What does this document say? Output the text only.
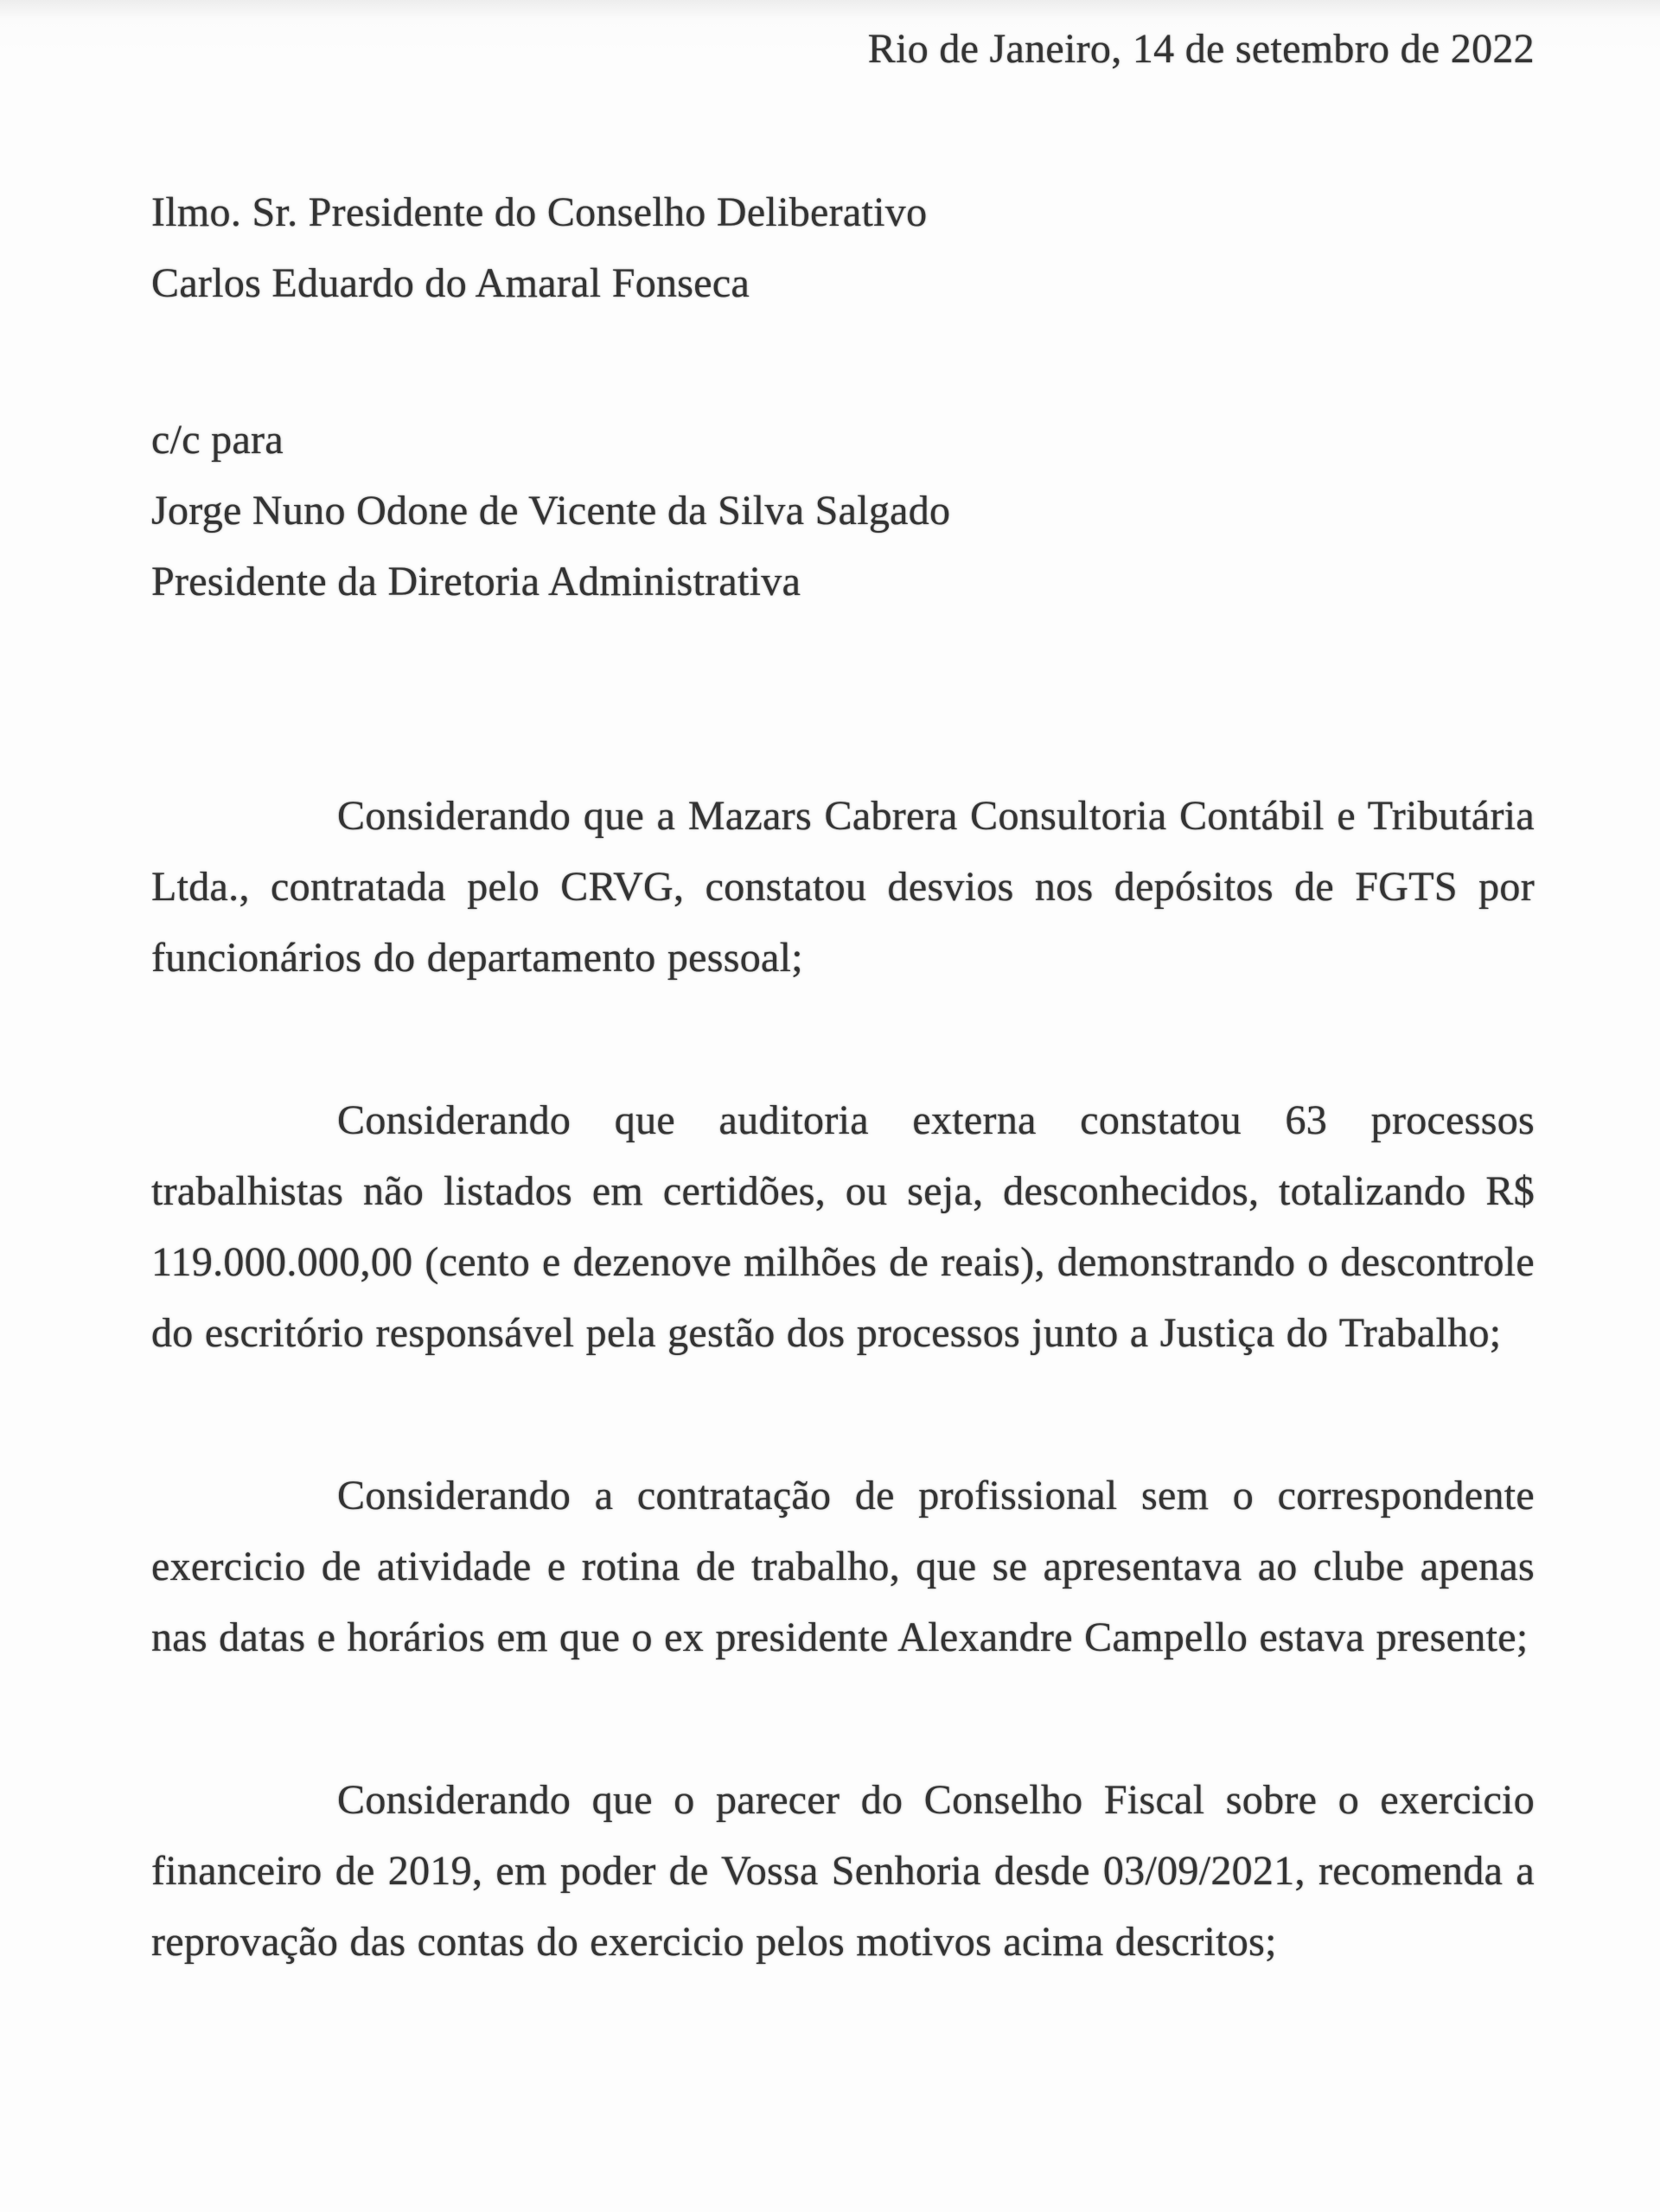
Rio de Janeiro, 14 de setembro de 2022
Ilmo. Sr. Presidente do Conselho Deliberativo
Carlos Eduardo do Amaral Fonseca
c/c para
Jorge Nuno Odone de Vicente da Silva Salgado
Presidente da Diretoria Administrativa

Considerando que a Mazars Cabrera Consultoria Contábil e Tributária Ltda., contratada pelo CRVG, constatou desvios nos depósitos de FGTS por funcionários do departamento pessoal;

Considerando que auditoria externa constatou 63 processos trabalhistas não listados em certidões, ou seja, desconhecidos, totalizando R$ 119.000.000,00 (cento e dezenove milhões de reais), demonstrando o descontrole do escritório responsável pela gestão dos processos junto a Justiça do Trabalho;

Considerando a contratação de profissional sem o correspondente exercicio de atividade e rotina de trabalho, que se apresentava ao clube apenas nas datas e horários em que o ex presidente Alexandre Campello estava presente;

Considerando que o parecer do Conselho Fiscal sobre o exercicio financeiro de 2019, em poder de Vossa Senhoria desde 03/09/2021, recomenda a reprovação das contas do exercicio pelos motivos acima descritos;
